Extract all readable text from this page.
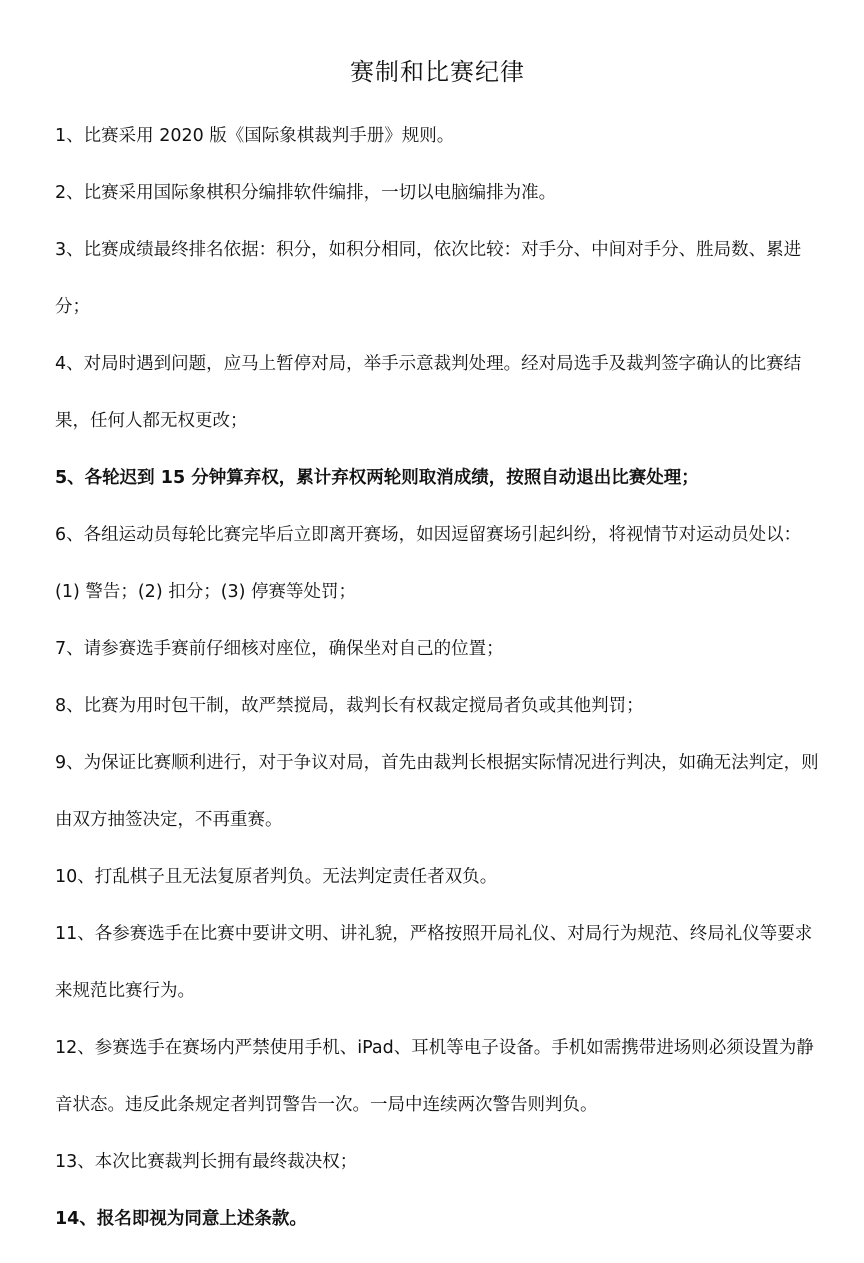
赛制和比赛纪律
1、比赛采用 2020 版《国际象棋裁判手册》规则。
2、比赛采用国际象棋积分编排软件编排，一切以电脑编排为准。
3、比赛成绩最终排名依据：积分，如积分相同，依次比较：对手分、中间对手分、胜局数、累进分；
4、对局时遇到问题，应马上暂停对局，举手示意裁判处理。经对局选手及裁判签字确认的比赛结果，任何人都无权更改；
5、各轮迟到 15 分钟算弃权，累计弃权两轮则取消成绩，按照自动退出比赛处理；
6、各组运动员每轮比赛完毕后立即离开赛场，如因逗留赛场引起纠纷，将视情节对运动员处以：(1) 警告；(2) 扣分；(3) 停赛等处罚；
7、请参赛选手赛前仔细核对座位，确保坐对自己的位置；
8、比赛为用时包干制，故严禁搅局，裁判长有权裁定搅局者负或其他判罚；
9、为保证比赛顺利进行，对于争议对局，首先由裁判长根据实际情况进行判决，如确无法判定，则由双方抽签决定，不再重赛。
10、打乱棋子且无法复原者判负。无法判定责任者双负。
11、各参赛选手在比赛中要讲文明、讲礼貌，严格按照开局礼仪、对局行为规范、终局礼仪等要求来规范比赛行为。
12、参赛选手在赛场内严禁使用手机、iPad、耳机等电子设备。手机如需携带进场则必须设置为静音状态。违反此条规定者判罚警告一次。一局中连续两次警告则判负。
13、本次比赛裁判长拥有最终裁决权；
14、报名即视为同意上述条款。
